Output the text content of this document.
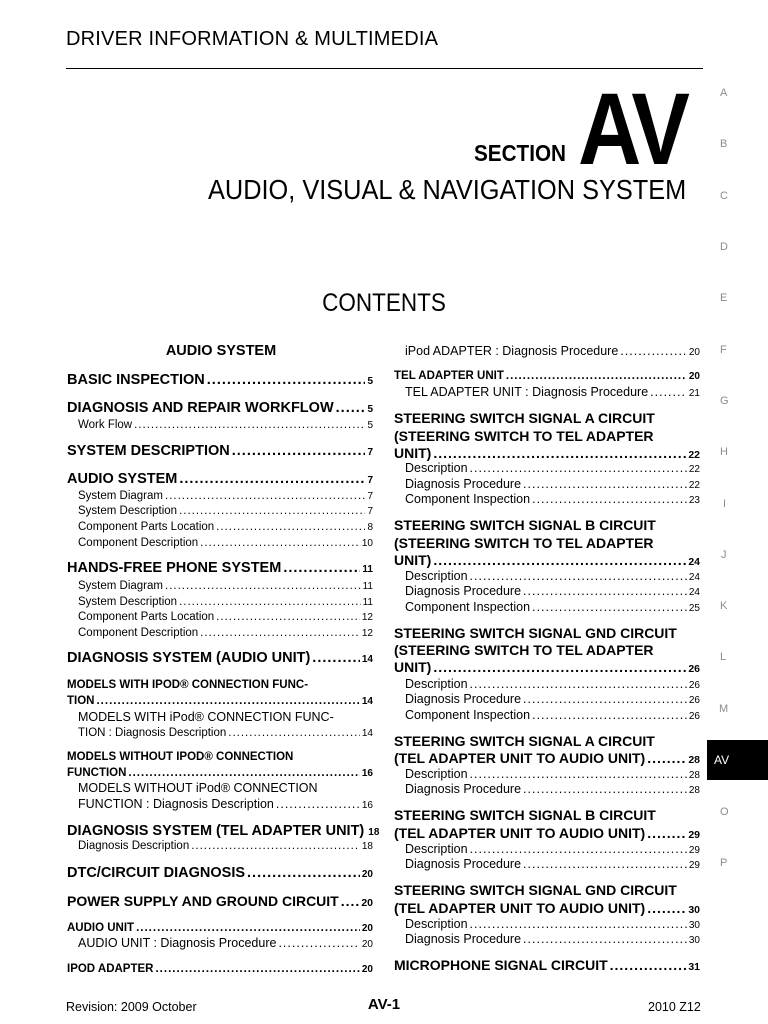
DRIVER INFORMATION & MULTIMEDIA
SECTION AV
AUDIO, VISUAL & NAVIGATION SYSTEM
CONTENTS
AUDIO SYSTEM
BASIC INSPECTION .....	5
DIAGNOSIS AND REPAIR WORKFLOW .....	5
Work Flow .....	5
SYSTEM DESCRIPTION .....	7
AUDIO SYSTEM .....	7
System Diagram .....	7
System Description .....	7
Component Parts Location .....	8
Component Description .....	10
HANDS-FREE PHONE SYSTEM .....	11
System Diagram .....	11
System Description .....	11
Component Parts Location .....	12
Component Description .....	12
DIAGNOSIS SYSTEM (AUDIO UNIT) .....	14
MODELS WITH IPOD® CONNECTION FUNC-
TION .....	14
MODELS WITH iPod® CONNECTION FUNC-
TION : Diagnosis Description .....	14
MODELS WITHOUT IPOD® CONNECTION
FUNCTION .....	16
MODELS WITHOUT iPod® CONNECTION
FUNCTION : Diagnosis Description .....	16
DIAGNOSIS SYSTEM (TEL ADAPTER UNIT) 18
Diagnosis Description .....	18
DTC/CIRCUIT DIAGNOSIS .....	20
POWER SUPPLY AND GROUND CIRCUIT ..... 20
AUDIO UNIT .....	20
AUDIO UNIT : Diagnosis Procedure .....	20
IPOD ADAPTER .....	20
iPod ADAPTER : Diagnosis Procedure .....	20
TEL ADAPTER UNIT .....	20
TEL ADAPTER UNIT : Diagnosis Procedure .....	21
STEERING SWITCH SIGNAL A CIRCUIT
(STEERING SWITCH TO TEL ADAPTER
UNIT) .....	22
Description .....	22
Diagnosis Procedure .....	22
Component Inspection .....	23
STEERING SWITCH SIGNAL B CIRCUIT
(STEERING SWITCH TO TEL ADAPTER
UNIT) .....	24
Description .....	24
Diagnosis Procedure .....	24
Component Inspection .....	25
STEERING SWITCH SIGNAL GND CIRCUIT
(STEERING SWITCH TO TEL ADAPTER
UNIT) .....	26
Description .....	26
Diagnosis Procedure .....	26
Component Inspection .....	26
STEERING SWITCH SIGNAL A CIRCUIT
(TEL ADAPTER UNIT TO AUDIO UNIT) .....	28
Description .....	28
Diagnosis Procedure .....	28
STEERING SWITCH SIGNAL B CIRCUIT
(TEL ADAPTER UNIT TO AUDIO UNIT) .....	29
Description .....	29
Diagnosis Procedure .....	29
STEERING SWITCH SIGNAL GND CIRCUIT
(TEL ADAPTER UNIT TO AUDIO UNIT) .....	30
Description .....	30
Diagnosis Procedure .....	30
MICROPHONE SIGNAL CIRCUIT .....	31
A
B
C
D
E
F
G
H
I
J
K
L
M
AV
O
P
Revision: 2009 October	AV-1	2010 Z12
